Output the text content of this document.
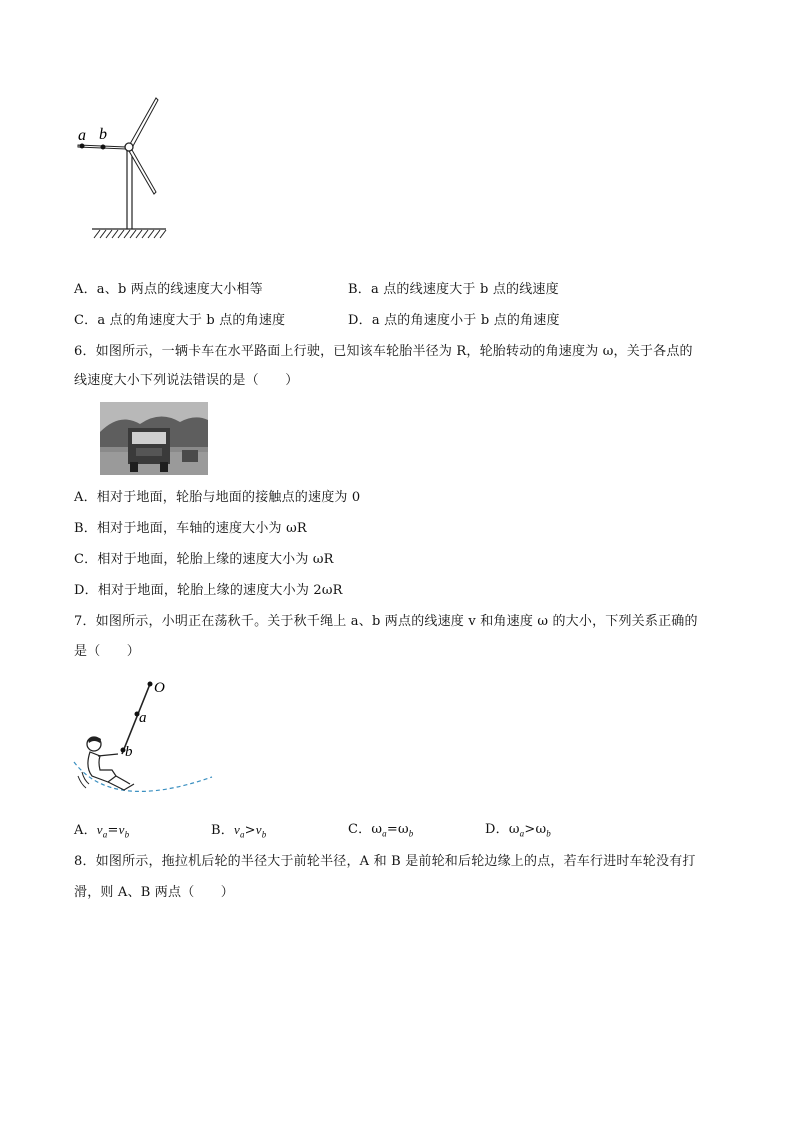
a b
A．a、b 两点的线速度大小相等	B．a 点的线速度大于 b 点的线速度
C．a 点的角速度大于 b 点的角速度	D．a 点的角速度小于 b 点的角速度
6．如图所示，一辆卡车在水平路面上行驶，已知该车轮胎半径为 R，轮胎转动的角速度为 ω，关于各点的
线速度大小下列说法错误的是（　　）
A．相对于地面，轮胎与地面的接触点的速度为 0
B．相对于地面，车轴的速度大小为 ωR
C．相对于地面，轮胎上缘的速度大小为 ωR
D．相对于地面，轮胎上缘的速度大小为 2ωR
7．如图所示，小明正在荡秋千。关于秋千绳上 a、b 两点的线速度 v 和角速度 ω 的大小，下列关系正确的
是（　　）
O
a
b
A．$v_a=v_b$	B．$v_a>v_b$	C．$\omega_a=\omega_b$	D．$\omega_a>\omega_b$
8．如图所示，拖拉机后轮的半径大于前轮半径，A 和 B 是前轮和后轮边缘上的点，若车行进时车轮没有打
滑，则 A、B 两点（　　）
